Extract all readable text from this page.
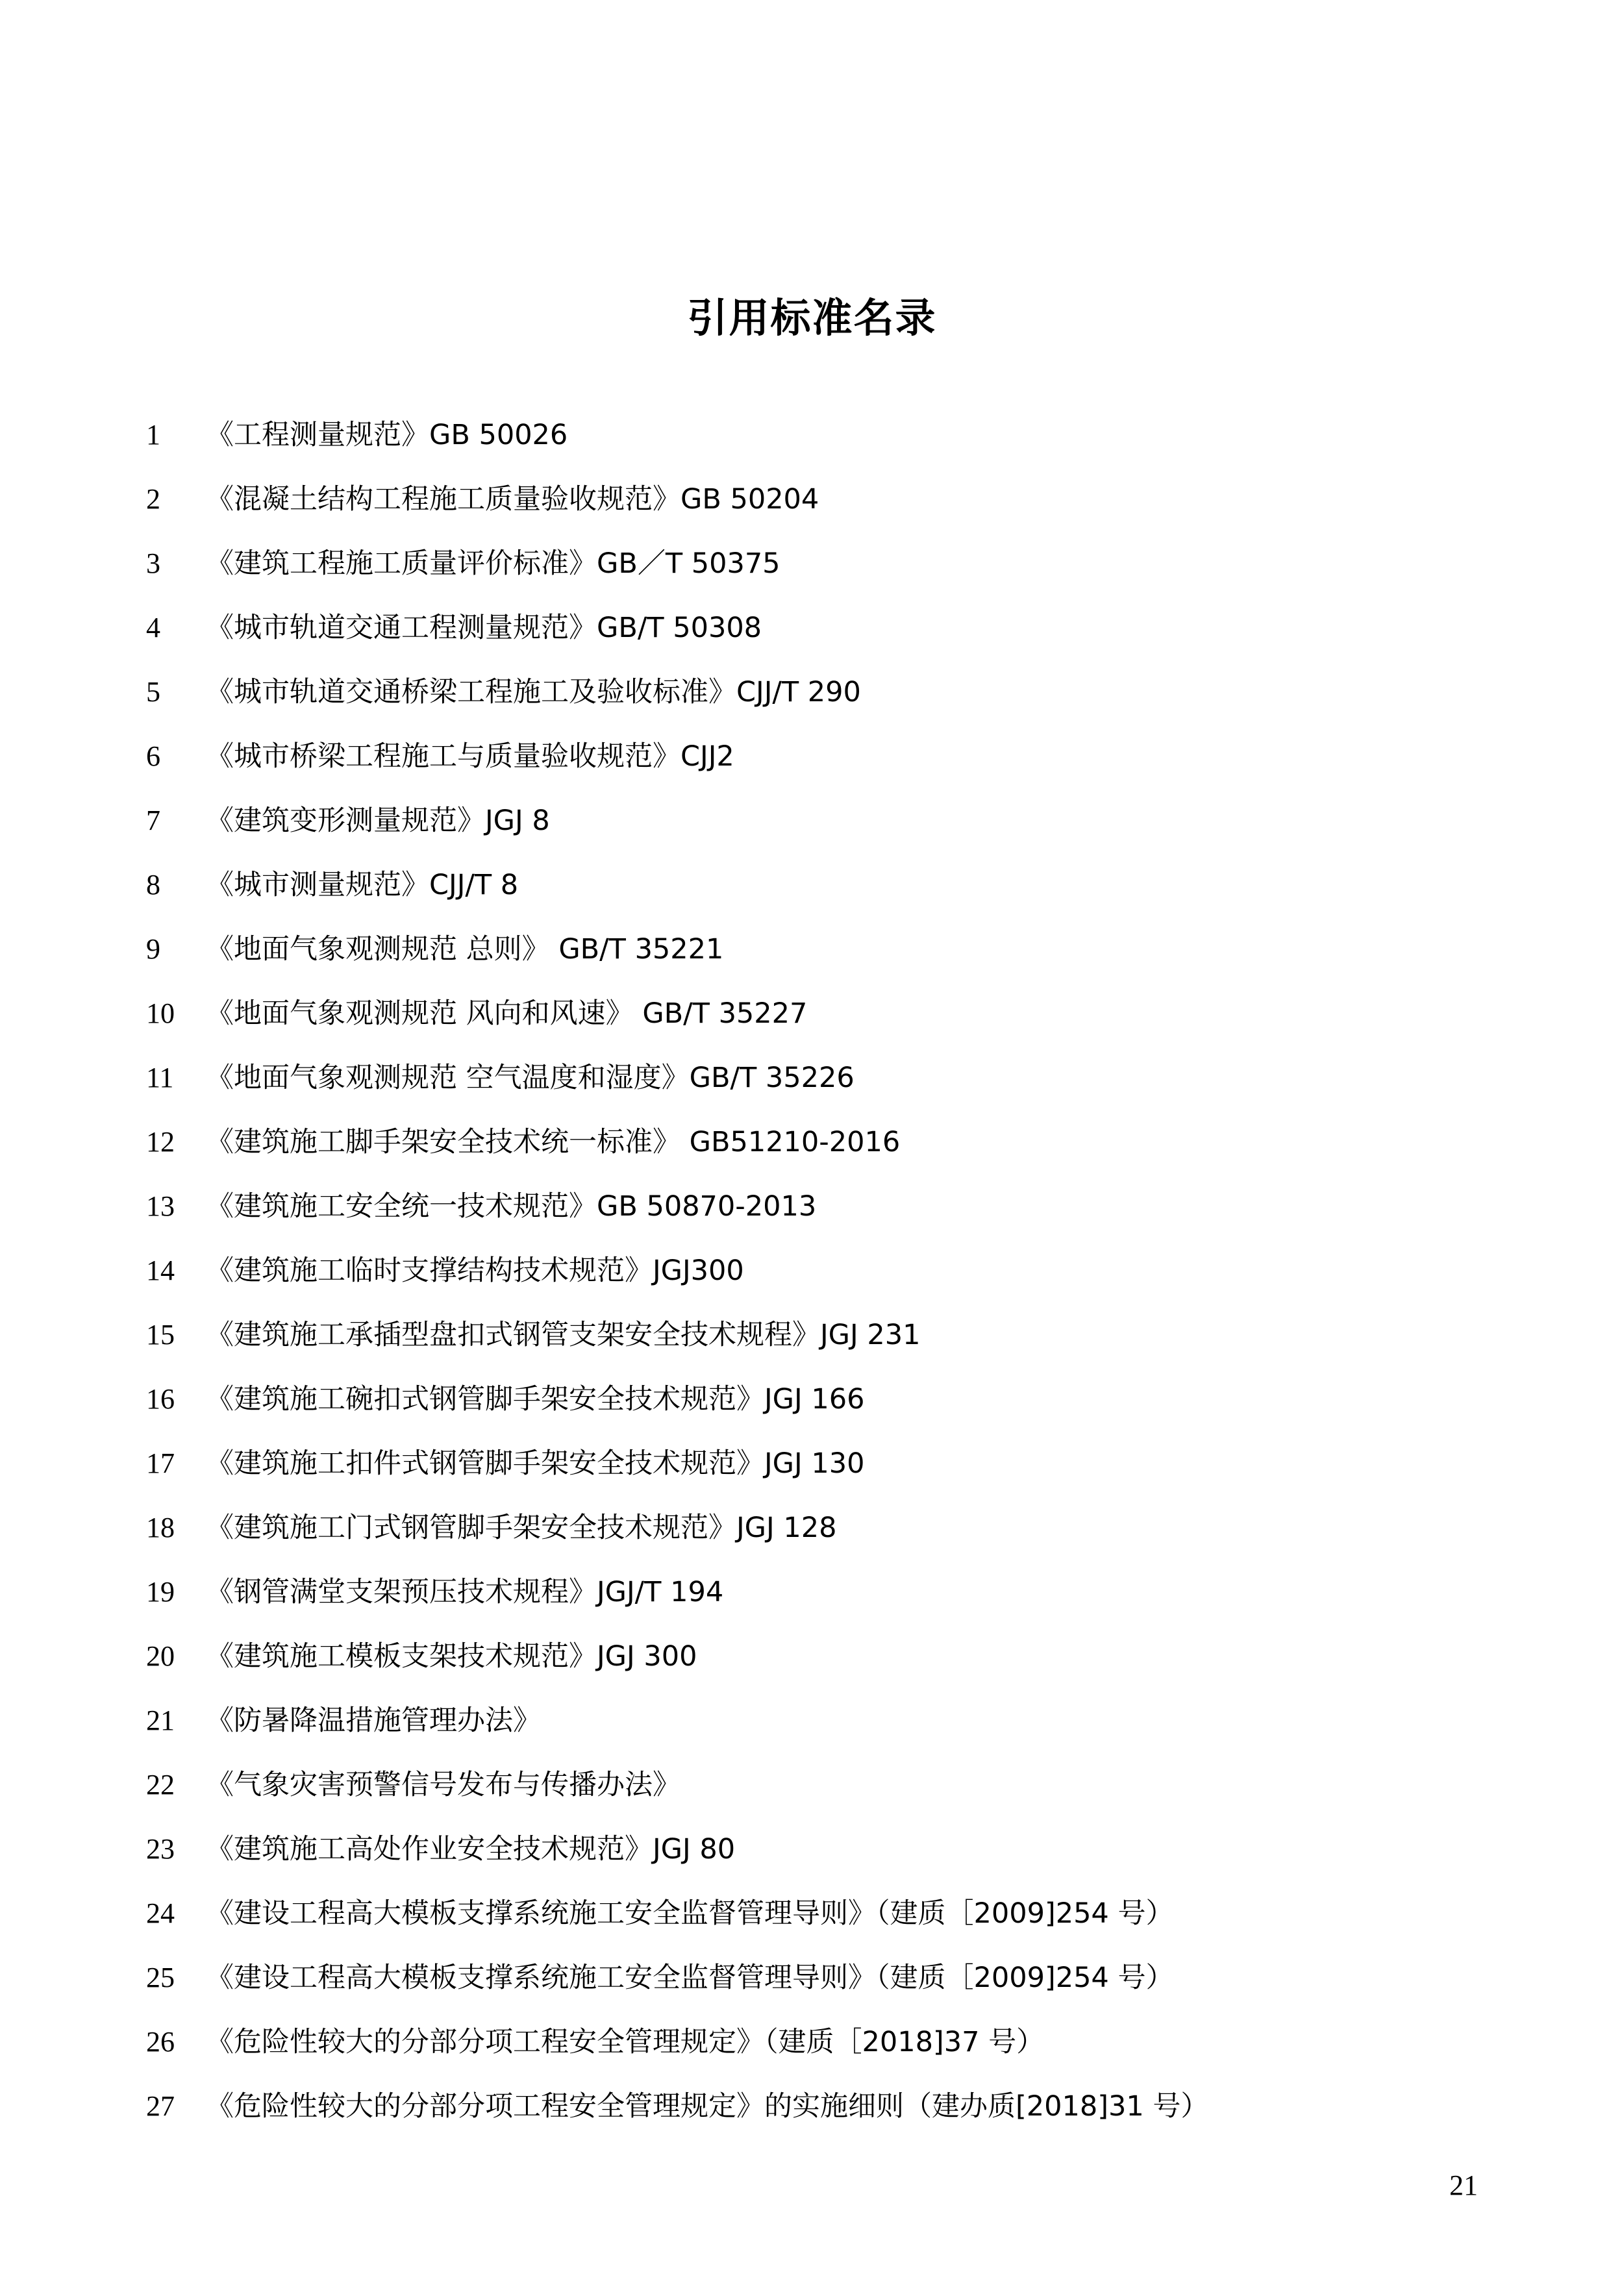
引用标准名录
1	《工程测量规范》GB 50026
2	《混凝土结构工程施工质量验收规范》GB 50204
3	《建筑工程施工质量评价标准》GB／T 50375
4	《城市轨道交通工程测量规范》GB/T 50308
5	《城市轨道交通桥梁工程施工及验收标准》CJJ/T 290
6	《城市桥梁工程施工与质量验收规范》CJJ2
7	《建筑变形测量规范》JGJ 8
8	《城市测量规范》CJJ/T 8
9	《地面气象观测规范 总则》 GB/T 35221
10	《地面气象观测规范 风向和风速》 GB/T 35227
11	《地面气象观测规范 空气温度和湿度》GB/T 35226
12	《建筑施工脚手架安全技术统一标准》 GB51210-2016
13	《建筑施工安全统一技术规范》GB 50870-2013
14	《建筑施工临时支撑结构技术规范》JGJ300
15	《建筑施工承插型盘扣式钢管支架安全技术规程》JGJ 231
16	《建筑施工碗扣式钢管脚手架安全技术规范》JGJ 166
17	《建筑施工扣件式钢管脚手架安全技术规范》JGJ 130
18	《建筑施工门式钢管脚手架安全技术规范》JGJ 128
19	《钢管满堂支架预压技术规程》JGJ/T 194
20	《建筑施工模板支架技术规范》JGJ 300
21	《防暑降温措施管理办法》
22	《气象灾害预警信号发布与传播办法》
23	《建筑施工高处作业安全技术规范》JGJ 80
24	《建设工程高大模板支撑系统施工安全监督管理导则》（建质［2009]254 号）
25	《建设工程高大模板支撑系统施工安全监督管理导则》（建质［2009]254 号）
26	《危险性较大的分部分项工程安全管理规定》（建质［2018]37 号）
27	《危险性较大的分部分项工程安全管理规定》的实施细则（建办质[2018]31 号）
21
